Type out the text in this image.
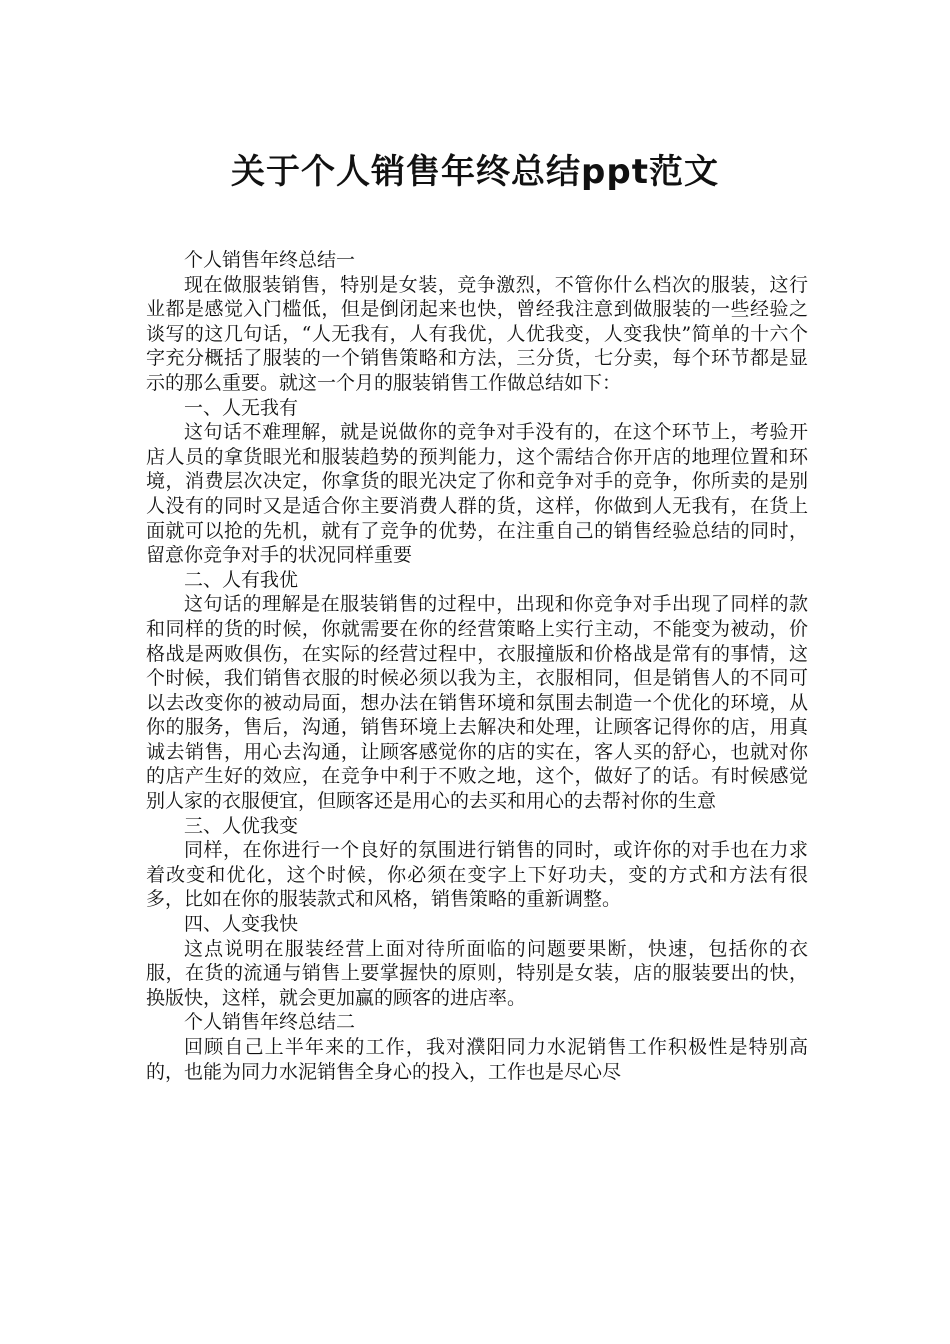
关于个人销售年终总结ppt范文

个人销售年终总结一

现在做服装销售，特别是女装，竞争激烈，不管你什么档次的服装，这行业都是感觉入门槛低，但是倒闭起来也快，曾经我注意到做服装的一些经验之谈写的这几句话，“人无我有，人有我优，人优我变，人变我快”简单的十六个字充分概括了服装的一个销售策略和方法，三分货，七分卖，每个环节都是显示的那么重要。就这一个月的服装销售工作做总结如下：

一、人无我有

这句话不难理解，就是说做你的竞争对手没有的，在这个环节上，考验开店人员的拿货眼光和服装趋势的预判能力，这个需结合你开店的地理位置和环境，消费层次决定，你拿货的眼光决定了你和竞争对手的竞争，你所卖的是别人没有的同时又是适合你主要消费人群的货，这样，你做到人无我有，在货上面就可以抢的先机，就有了竞争的优势，在注重自己的销售经验总结的同时，留意你竞争对手的状况同样重要

二、人有我优

这句话的理解是在服装销售的过程中，出现和你竞争对手出现了同样的款和同样的货的时候，你就需要在你的经营策略上实行主动，不能变为被动，价格战是两败俱伤，在实际的经营过程中，衣服撞版和价格战是常有的事情，这个时候，我们销售衣服的时候必须以我为主，衣服相同，但是销售人的不同可以去改变你的被动局面，想办法在销售环境和氛围去制造一个优化的环境，从你的服务，售后，沟通，销售环境上去解决和处理，让顾客记得你的店，用真诚去销售，用心去沟通，让顾客感觉你的店的实在，客人买的舒心，也就对你的店产生好的效应，在竞争中利于不败之地，这个，做好了的话。有时候感觉别人家的衣服便宜，但顾客还是用心的去买和用心的去帮衬你的生意

三、人优我变

同样，在你进行一个良好的氛围进行销售的同时，或许你的对手也在力求着改变和优化，这个时候，你必须在变字上下好功夫，变的方式和方法有很多，比如在你的服装款式和风格，销售策略的重新调整。

四、人变我快

这点说明在服装经营上面对待所面临的问题要果断，快速，包括你的衣服，在货的流通与销售上要掌握快的原则，特别是女装，店的服装要出的快，换版快，这样，就会更加赢的顾客的进店率。

个人销售年终总结二

回顾自己上半年来的工作，我对濮阳同力水泥销售工作积极性是特别高的，也能为同力水泥销售全身心的投入，工作也是尽心尽
